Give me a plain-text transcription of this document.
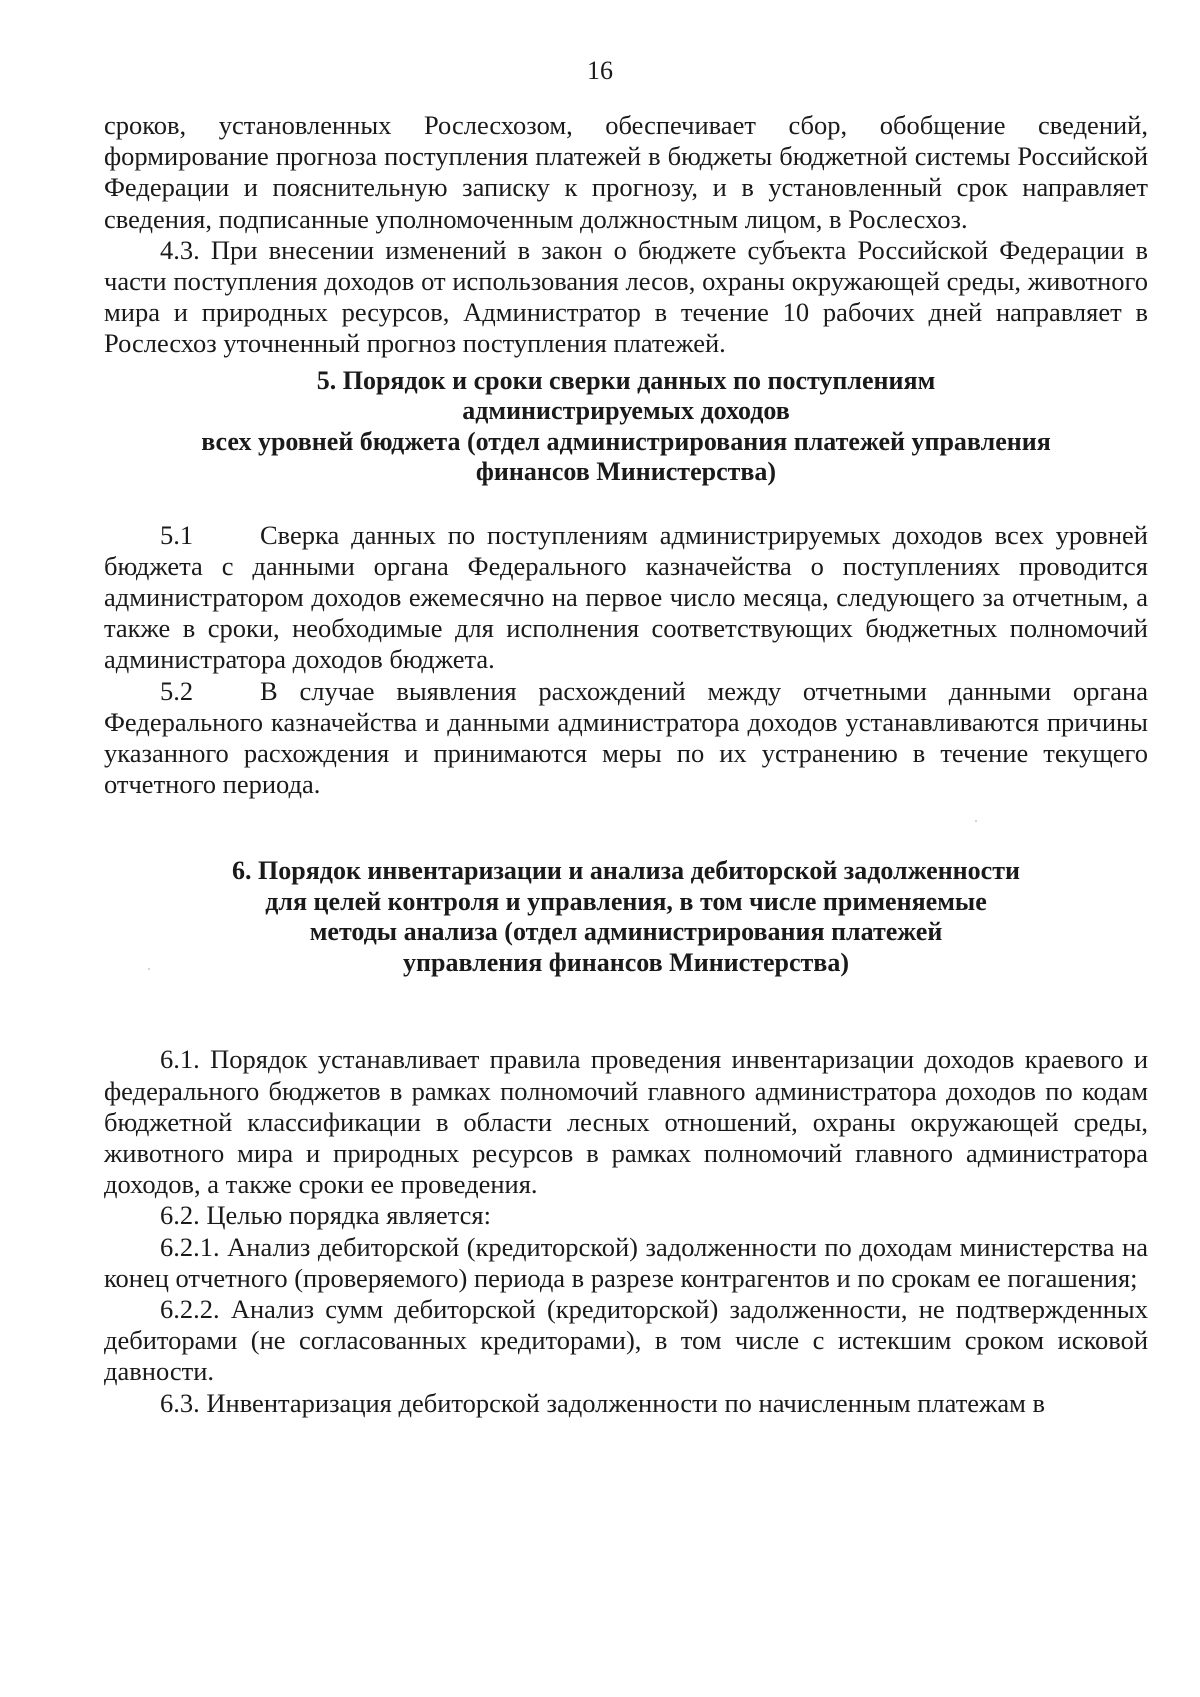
16

сроков, установленных Рослесхозом, обеспечивает сбор, обобщение сведений, формирование прогноза поступления платежей в бюджеты бюджетной системы Российской Федерации и пояснительную записку к прогнозу, и в установленный срок направляет сведения, подписанные уполномоченным должностным лицом, в Рослесхоз.

4.3. При внесении изменений в закон о бюджете субъекта Российской Федерации в части поступления доходов от использования лесов, охраны окружающей среды, животного мира и природных ресурсов, Администратор в течение 10 рабочих дней направляет в Рослесхоз уточненный прогноз поступления платежей.

5. Порядок и сроки сверки данных по поступлениям
администрируемых доходов
всех уровней бюджета (отдел администрирования платежей управления
финансов Министерства)

5.1	Сверка данных по поступлениям администрируемых доходов всех уровней бюджета с данными органа Федерального казначейства о поступлениях проводится администратором доходов ежемесячно на первое число месяца, следующего за отчетным, а также в сроки, необходимые для исполнения соответствующих бюджетных полномочий администратора доходов бюджета.

5.2	В случае выявления расхождений между отчетными данными органа Федерального казначейства и данными администратора доходов устанавливаются причины указанного расхождения и принимаются меры по их устранению в течение текущего отчетного периода.

6. Порядок инвентаризации и анализа дебиторской задолженности
для целей контроля и управления, в том числе применяемые
методы анализа (отдел администрирования платежей
управления финансов Министерства)

6.1. Порядок устанавливает правила проведения инвентаризации доходов краевого и федерального бюджетов в рамках полномочий главного администратора доходов по кодам бюджетной классификации в области лесных отношений, охраны окружающей среды, животного мира и природных ресурсов в рамках полномочий главного администратора доходов, а также сроки ее проведения.

6.2. Целью порядка является:

6.2.1. Анализ дебиторской (кредиторской) задолженности по доходам министерства на конец отчетного (проверяемого) периода в разрезе контрагентов и по срокам ее погашения;

6.2.2. Анализ сумм дебиторской (кредиторской) задолженности, не подтвержденных дебиторами (не согласованных кредиторами), в том числе с истекшим сроком исковой давности.

6.3. Инвентаризация дебиторской задолженности по начисленным платежам в
